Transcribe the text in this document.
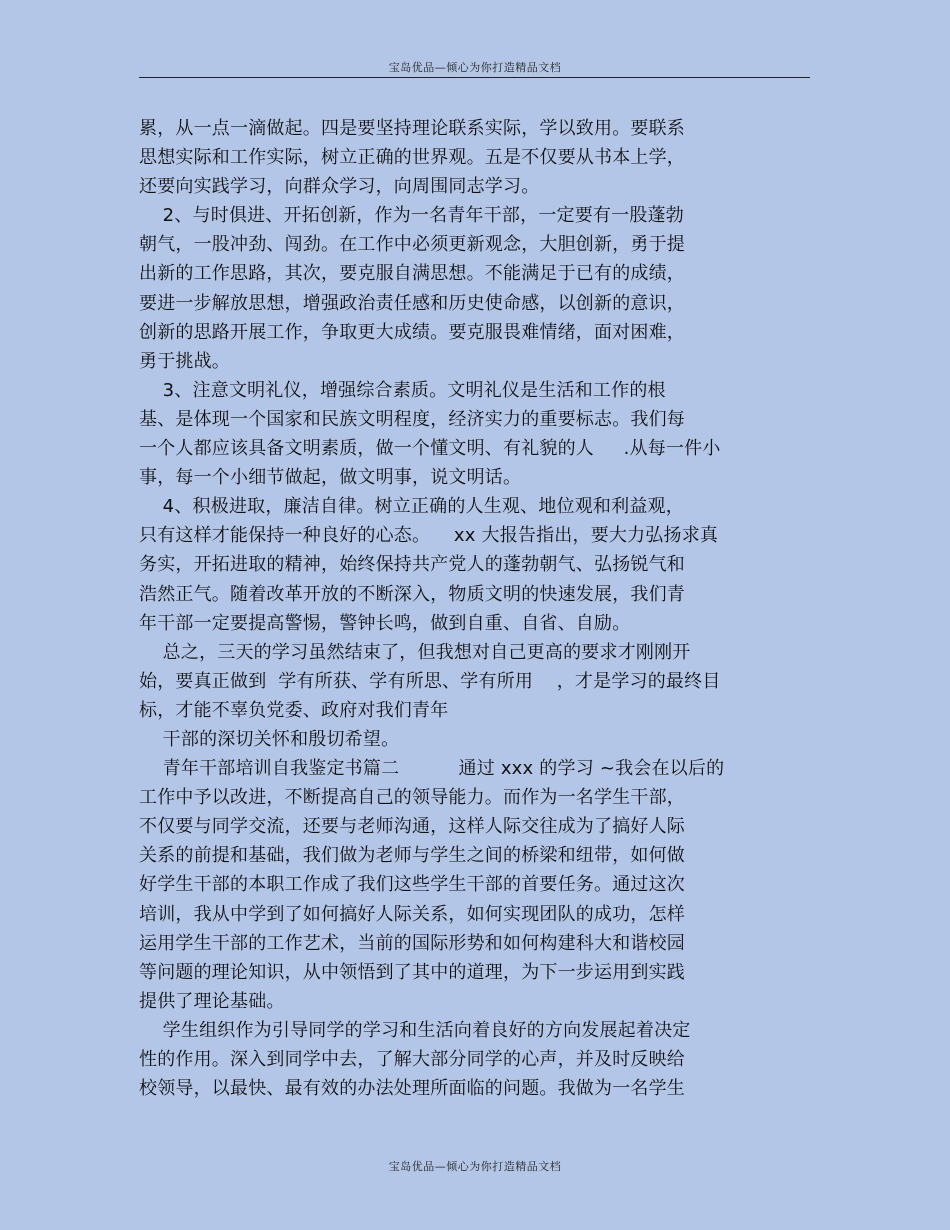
宝岛优品—倾心为你打造精品文档
累，从一点一滴做起。四是要坚持理论联系实际，学以致用。要联系
思想实际和工作实际，树立正确的世界观。五是不仅要从书本上学，
还要向实践学习，向群众学习，向周围同志学习。
2、与时俱进、开拓创新，作为一名青年干部，一定要有一股蓬勃
朝气，一股冲劲、闯劲。在工作中必须更新观念，大胆创新，勇于提
出新的工作思路，其次，要克服自满思想。不能满足于已有的成绩，
要进一步解放思想，增强政治责任感和历史使命感，以创新的意识，
创新的思路开展工作，争取更大成绩。要克服畏难情绪，面对困难，
勇于挑战。
3、注意文明礼仪，增强综合素质。文明礼仪是生活和工作的根
基、是体现一个国家和民族文明程度，经济实力的重要标志。我们每
一个人都应该具备文明素质，做一个懂文明、有礼貌的人     .从每一件小
事，每一个小细节做起，做文明事，说文明话。
4、积极进取，廉洁自律。树立正确的人生观、地位观和利益观，
只有这样才能保持一种良好的心态。    xx 大报告指出，要大力弘扬求真
务实，开拓进取的精神，始终保持共产党人的蓬勃朝气、弘扬锐气和
浩然正气。随着改革开放的不断深入，物质文明的快速发展，我们青
年干部一定要提高警惕，警钟长鸣，做到自重、自省、自励。
总之，三天的学习虽然结束了，但我想对自己更高的要求才刚刚开
始，要真正做到  学有所获、学有所思、学有所用    ，才是学习的最终目
标，才能不辜负党委、政府对我们青年
干部的深切关怀和殷切希望。
青年干部培训自我鉴定书篇二          通过 xxx 的学习 ~我会在以后的
工作中予以改进，不断提高自己的领导能力。而作为一名学生干部，
不仅要与同学交流，还要与老师沟通，这样人际交往成为了搞好人际
关系的前提和基础，我们做为老师与学生之间的桥梁和纽带，如何做
好学生干部的本职工作成了我们这些学生干部的首要任务。通过这次
培训，我从中学到了如何搞好人际关系，如何实现团队的成功，怎样
运用学生干部的工作艺术，当前的国际形势和如何构建科大和谐校园
等问题的理论知识，从中领悟到了其中的道理，为下一步运用到实践
提供了理论基础。
学生组织作为引导同学的学习和生活向着良好的方向发展起着决定
性的作用。深入到同学中去，了解大部分同学的心声，并及时反映给
校领导，以最快、最有效的办法处理所面临的问题。我做为一名学生
宝岛优品—倾心为你打造精品文档
